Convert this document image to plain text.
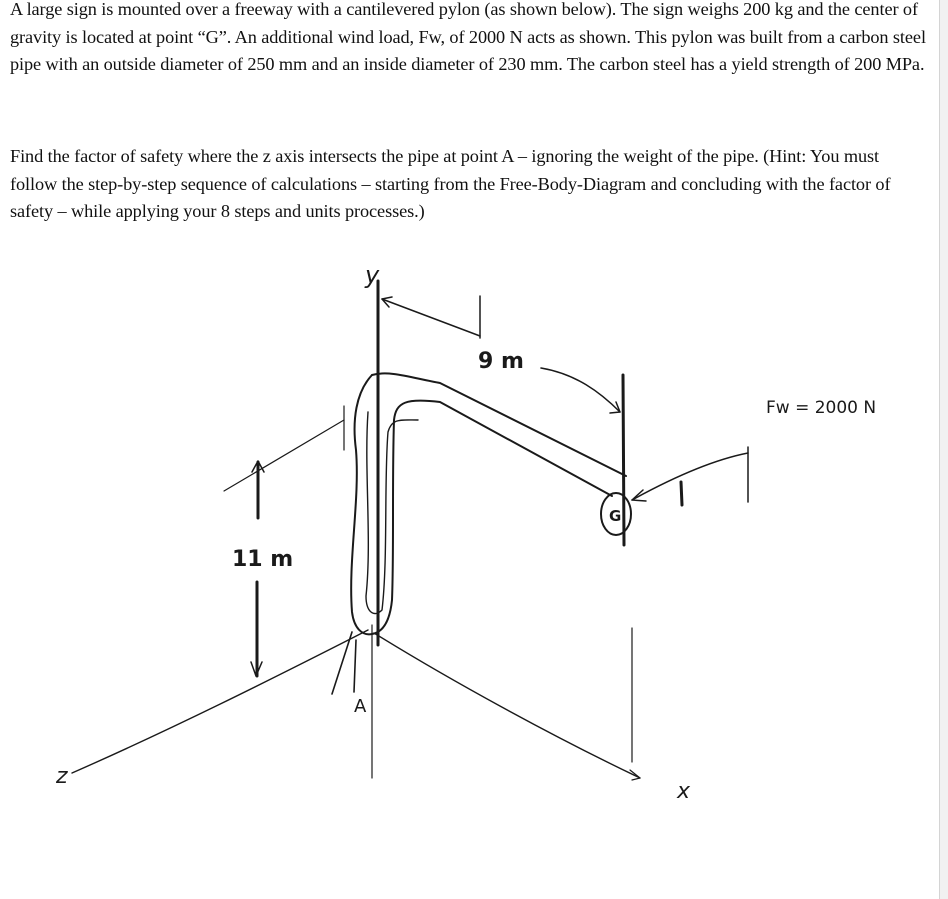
A large sign is mounted over a freeway with a cantilevered pylon (as shown below). The sign weighs 200 kg and the center of gravity is located at point “G”. An additional wind load, Fw, of 2000 N acts as shown. This pylon was built from a carbon steel pipe with an outside diameter of 250 mm and an inside diameter of 230 mm. The carbon steel has a yield strength of 200 MPa.

Find the factor of safety where the z axis intersects the pipe at point A – ignoring the weight of the pipe. (Hint: You must follow the step-by-step sequence of calculations – starting from the Free-Body-Diagram and concluding with the factor of safety – while applying your 8 steps and units processes.)

y
G
9 m
Fw = 2000 N
11 m
z
x
A
